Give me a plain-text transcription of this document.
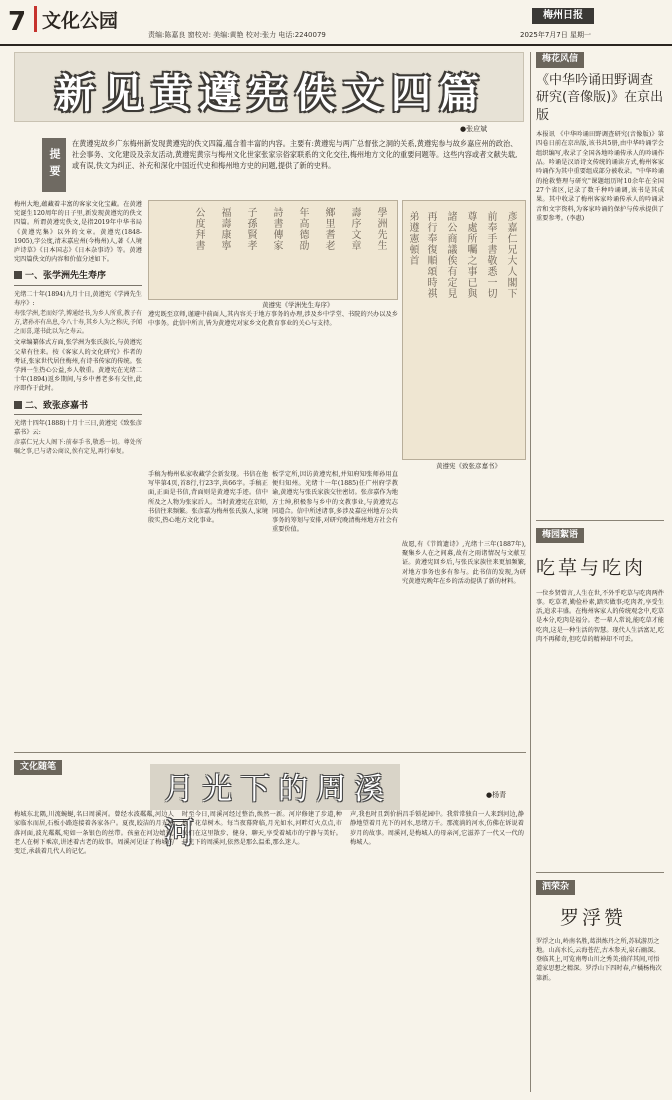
7 文化公园
责编:陈嘉良 窗校对: 美编:黄艳 校对:张力 电话:2240079
梅州日报
2025年7月7日 星期一
新见黄遵宪佚文四篇
●张应斌
提要
在黄遵宪故乡广东梅州新发现黄遵宪的佚文四篇,蕴含着丰富的内容。主要有:黄遵宪与两广总督张之洞的关系,黄遵宪参与故乡嘉应州的政治、社会事务、文化建设及亲友活动,黄遵宪黄宗与梅州文化世家张家宗俗家联系的文化交往,梅州地方文化的重要问题等。这些内容或者文献失载,或有误,佚文为纠正、补充和深化中国近代史和梅州地方史的问题,提供了新的史料。

梅州大地,蕴藏着丰富的客家文化宝藏。在黄遵宪诞生120周年的日子里,新发现黄遵宪的佚文四篇。所谓黄遵宪佚文,是指2019年中华书局《黄遵宪集》以外的文章。黄遵宪(1848-1905),字公度,清末嘉应州(今梅州)人,著《人境庐诗草》《日本国志》《日本杂事诗》等。黄遵宪四篇佚文的内容和价值分述如下。

一、张学洲先生寿序

光绪二十年(1894)九月十日,黄遵宪《学洲先生寿序》:

寿张学洲,老而好学,博通经书,为乡人所重,教子有方,诸孙亦有出息,今八十寿,其乡人为之称庆,予闻之而喜,遂书此以为之寿云。

文章编纂体式方面,张学洲为张氏族长,与黄遵宪父辈有往来。按《客家人的文化研究》作者的考证,张家世代居住梅州,有诗书传家的传统。张学洲一生热心公益,乡人敬重。黄遵宪在光绪二十年(1894)返乡期间,与乡中耆老多有交往,此序即作于此时。

二、致张彦嘉书

光绪十四年(1888)十月十三日,黄遵宪《致张彦嘉书》云:

彦嘉仁兄大人阁下:前奉手书,敬悉一切。尊处所嘱之事,已与诸公商议,俟有定见,再行奉复。

學洲先生
壽序文章
鄉里耆老
年高德劭
詩書傳家
子孫賢孝
福壽康寧
公度拜書
黄遵宪《学洲先生寿序》

遵宪既至京师,谨避中前面人,其内容关于地方事务的办理,涉及乡中学堂、书院的兴办以及乡中事务。此信中所言,皆为黄遵宪对家乡文化教育事业的关心与支持。

彥嘉仁兄大人閣下
前奉手書敬悉一切
尊處所囑之事已與
諸公商議俟有定見
再行奉復順頌時祺
弟遵憲頓首
黄遵宪《致张彦嘉书》

手稿为梅州私家收藏学会新发现。书信在他写毕第4页,首8行,行23字,共66字。手稿正面,正面是书信,背面则是黄遵宪手迹。信中所及之人物为张家后人。当时黄遵宪在京师,书信往来频繁。张彦嘉为梅州张氏族人,家境殷实,热心地方文化事业。

板学定所,因访黄遵宪相,并知府知张师孙用直便归知州。光绪十一年(1885)任广州府学教谕,黄遵宪与张氏家族交往密切。张彦嘉作为地方士绅,积极参与乡中的文教事业,与黄遵宪志同道合。信中所述诸事,多涉及嘉应州地方公共事务的筹划与安排,对研究晚清梅州地方社会有重要价值。

故愿,有《节简遗诗》,光绪十三年(1887年),聚集乡人在之间募,故有之雨诸情况与文献互证。黄遵宪回乡后,与张氏家族往来更加频繁,对地方事务也多有参与。此书信的发现,为研究黄遵宪晚年在乡的活动提供了新的材料。

梅花风信
《中华吟诵田野调查研究(音像版)》在京出版
本报讯 《中华吟诵田野调查研究(音像版)》第四卷日前在京出版,该书共5册,由中华吟诵学会组织编写,收录了全国各地吟诵传承人的吟诵作品。吟诵是汉语诗文传统的诵读方式,梅州客家吟诵作为其中重要组成部分被收录。"中华吟诵的抢救整理与研究"课题组历时10余年在全国27个省区,记录了数千种吟诵调,该书是其成果。其中收录了梅州客家吟诵传承人的吟诵录音和文字资料,为客家吟诵的保护与传承提供了重要参考。(李惠)
梅园絮语
吃草与吃肉
一位乡贤曾言,人生在世,不外乎吃草与吃肉两件事。吃草者,勤俭朴素,踏实做事;吃肉者,享受生活,追求丰盛。在梅州客家人的传统观念中,吃草是本分,吃肉是福分。老一辈人常说,能吃草才能吃肉,这是一种生活的智慧。现代人生活富足,吃肉不再稀奇,但吃草的精神却不可丢。
泗荣杂
罗浮赞
罗浮之山,岭南名胜,葛洪炼丹之所,苏轼游历之地。山高水长,云海苍茫,古木参天,泉石幽深。登临其上,可览南粤山川之秀美;徜徉其间,可悟道家思想之精深。罗浮山下四时春,卢橘杨梅次第新。
文化随笔
月光下的周溪河
●杨青
梅城东北隅,川流蜿蜒,名曰周溪河。曾经水波粼粼,河边人家临水而居,石板小路连接着各家各户。夏夜,皎洁的月光洒落河面,波光粼粼,宛如一条银色的丝带。孩童在河边嬉戏,老人在树下乘凉,讲述着古老的故事。周溪河见证了梅城的变迁,承载着几代人的记忆。
时至今日,周溪河经过整治,焕然一新。河岸修建了步道,种植了花草树木。每当夜幕降临,月光如水,河畔灯火点点,市民们在这里散步、健身、聊天,享受着城市的宁静与美好。月光下的周溪河,依然是那么温柔,那么迷人。
声,我也时且到价捐昌手锁花园中。我常常独自一人来到河边,静静地望着月光下的河水,思绪万千。那流淌的河水,仿佛在诉说着岁月的故事。周溪河,是梅城人的母亲河,它滋养了一代又一代的梅城人。
